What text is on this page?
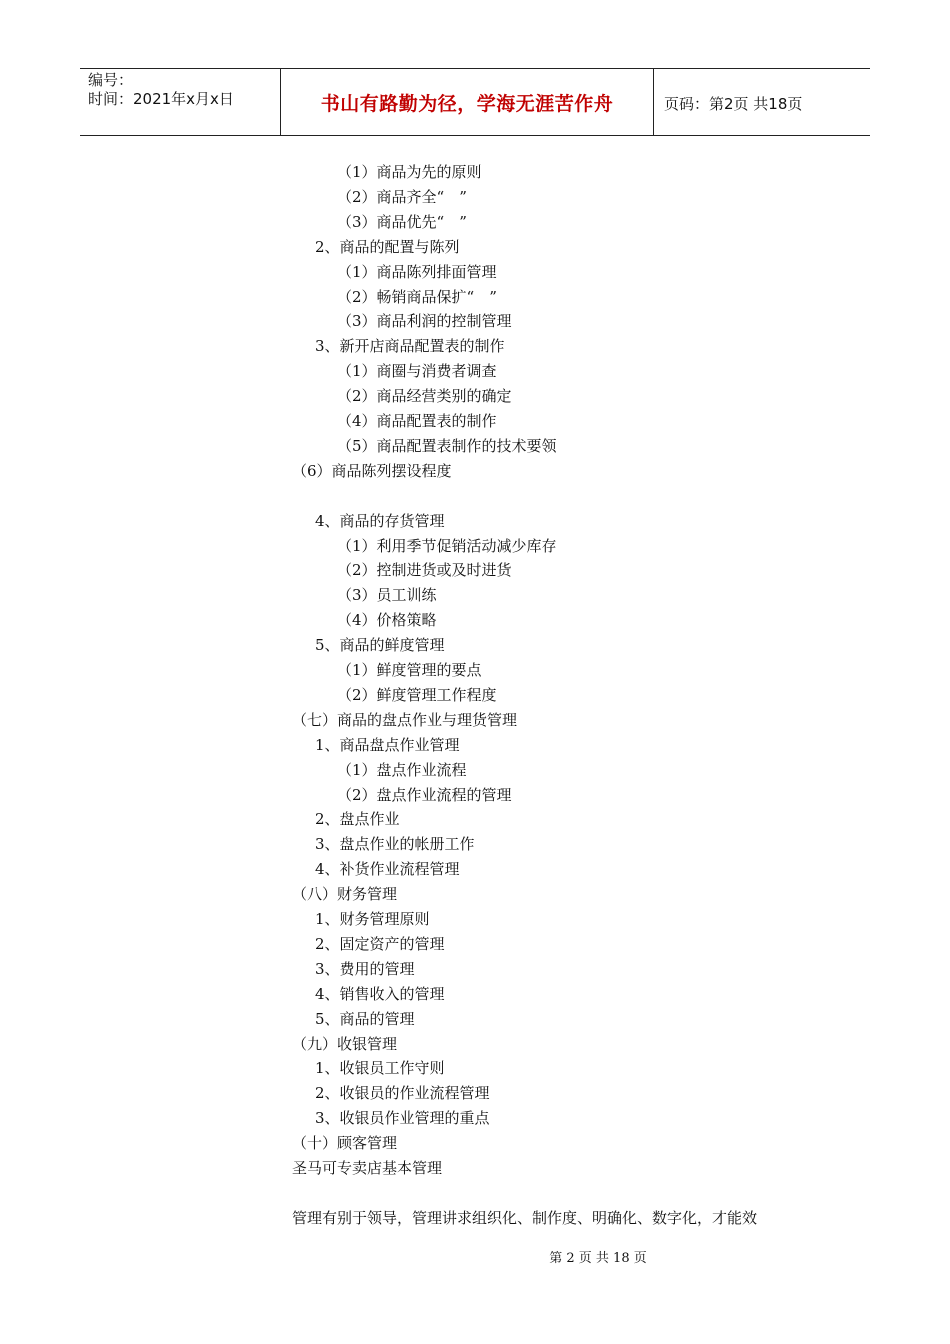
编号：
时间：2021年x月x日	书山有路勤为径，学海无涯苦作舟	页码：第2页 共18页
（1）商品为先的原则
（2）商品齐全“　”
（3）商品优先“　”
2、商品的配置与陈列
（1）商品陈列排面管理
（2）畅销商品保扩“　”
（3）商品利润的控制管理
3、新开店商品配置表的制作
（1）商圈与消费者调查
（2）商品经营类别的确定
（4）商品配置表的制作
（5）商品配置表制作的技术要领
（6）商品陈列摆设程度
4、商品的存货管理
（1）利用季节促销活动减少库存
（2）控制进货或及时进货
（3）员工训练
（4）价格策略
5、商品的鲜度管理
（1）鲜度管理的要点
（2）鲜度管理工作程度
（七）商品的盘点作业与理货管理
1、商品盘点作业管理
（1）盘点作业流程
（2）盘点作业流程的管理
2、盘点作业
3、盘点作业的帐册工作
4、补货作业流程管理
（八）财务管理
1、财务管理原则
2、固定资产的管理
3、费用的管理
4、销售收入的管理
5、商品的管理
（九）收银管理
1、收银员工作守则
2、收银员的作业流程管理
3、收银员作业管理的重点
（十）顾客管理
圣马可专卖店基本管理
管理有别于领导，管理讲求组织化、制作度、明确化、数字化，才能效
第 2 页 共 18 页
